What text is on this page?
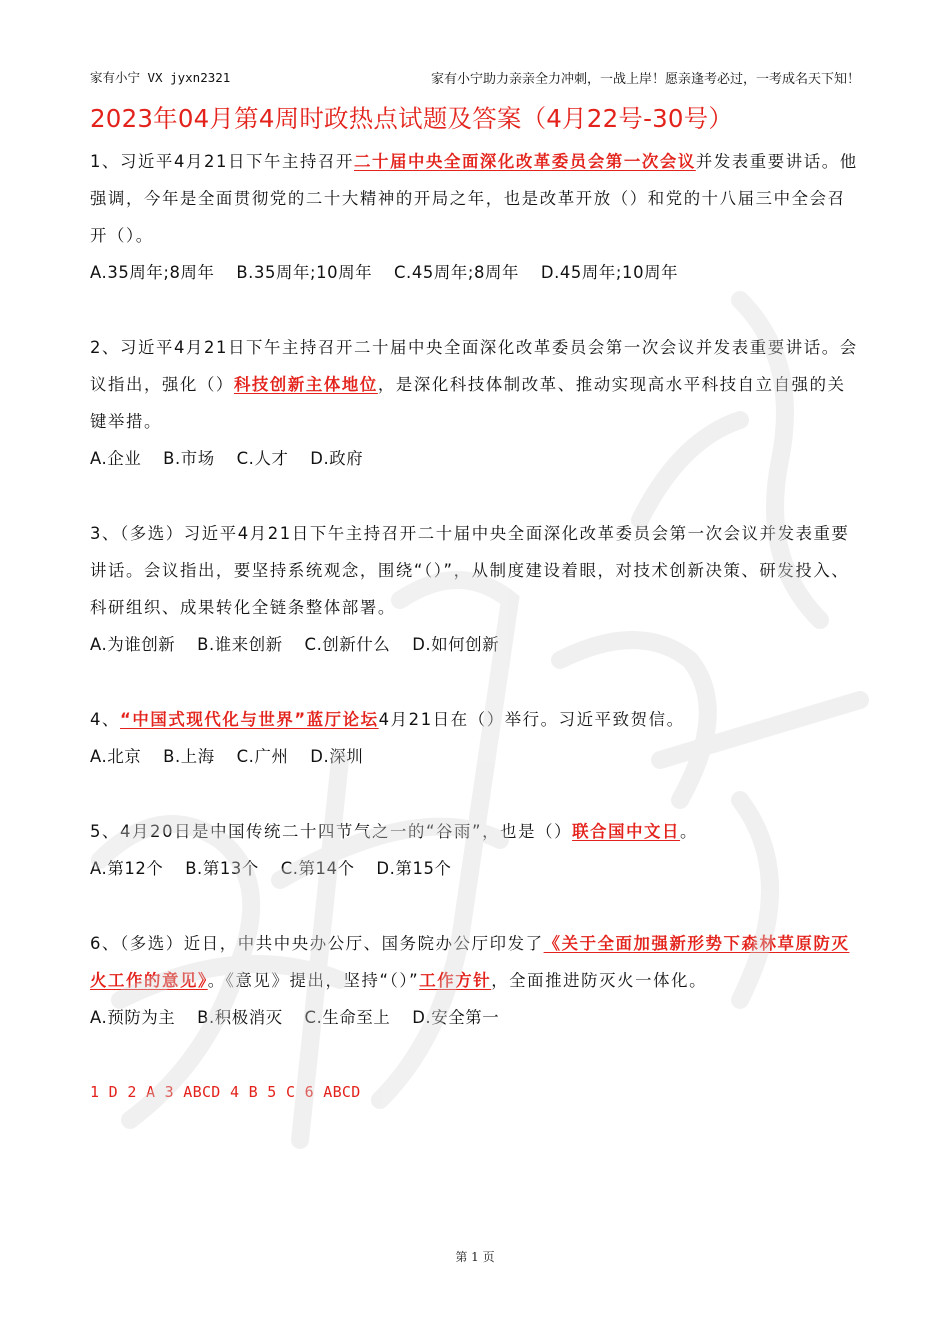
家有小宁 VX jyxn2321	家有小宁助力亲亲全力冲刺，一战上岸！愿亲逢考必过，一考成名天下知！
2023年04月第4周时政热点试题及答案（4月22号-30号）
1、习近平4月21日下午主持召开二十届中央全面深化改革委员会第一次会议并发表重要讲话。他强调，今年是全面贯彻党的二十大精神的开局之年，也是改革开放（）和党的十八届三中全会召开（）。
A.35周年;8周年 B.35周年;10周年 C.45周年;8周年 D.45周年;10周年
2、习近平4月21日下午主持召开二十届中央全面深化改革委员会第一次会议并发表重要讲话。会议指出，强化（）科技创新主体地位，是深化科技体制改革、推动实现高水平科技自立自强的关键举措。
A.企业 B.市场 C.人才 D.政府
3、（多选）习近平4月21日下午主持召开二十届中央全面深化改革委员会第一次会议并发表重要讲话。会议指出，要坚持系统观念，围绕“（）”，从制度建设着眼，对技术创新决策、研发投入、科研组织、成果转化全链条整体部署。
A.为谁创新 B.谁来创新 C.创新什么 D.如何创新
4、“中国式现代化与世界”蓝厅论坛4月21日在（）举行。习近平致贺信。
A.北京 B.上海 C.广州 D.深圳
5、4月20日是中国传统二十四节气之一的“谷雨”，也是（）联合国中文日。
A.第12个 B.第13个 C.第14个 D.第15个
6、（多选）近日，中共中央办公厅、国务院办公厅印发了《关于全面加强新形势下森林草原防灭火工作的意见》。《意见》提出，坚持“（）”工作方针，全面推进防灭火一体化。
A.预防为主 B.积极消灭 C.生命至上 D.安全第一
1 D 2 A 3 ABCD 4 B 5 C 6 ABCD
第 1 页
